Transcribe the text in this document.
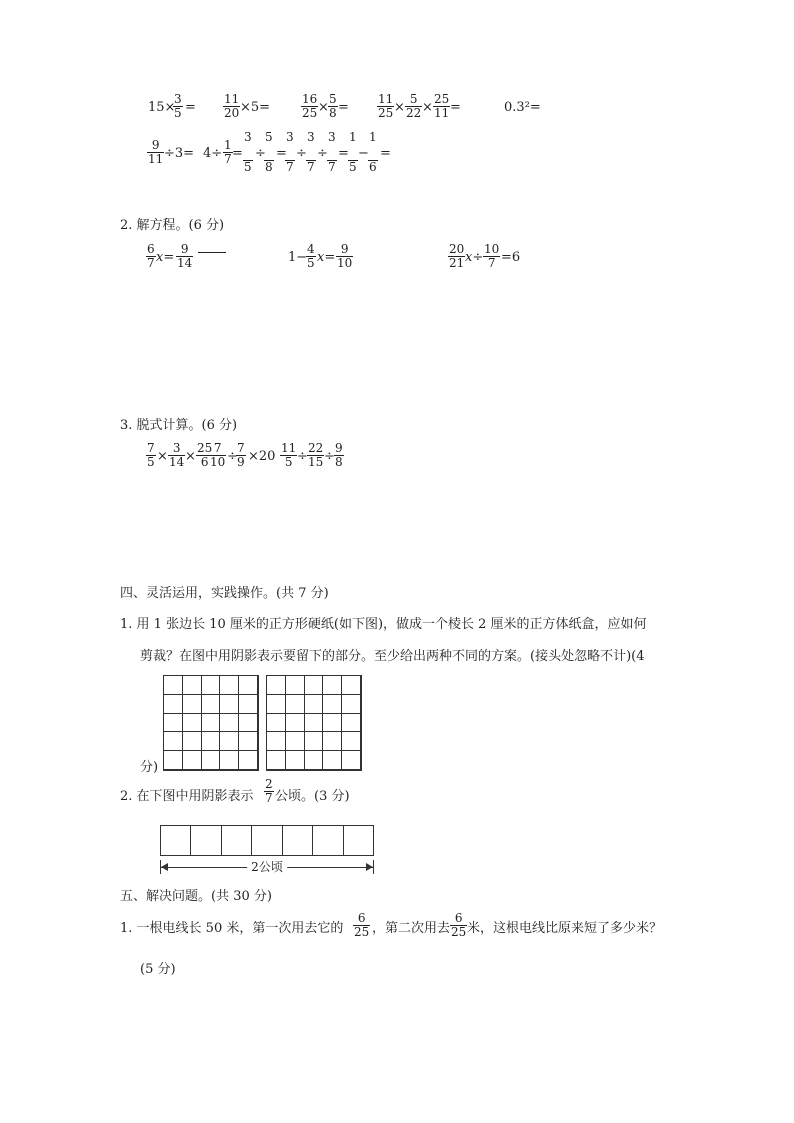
15×
$\frac{3}{5} = \frac{11}{20} \times 5=$	$\frac{16}{25} \times \frac{5}{8} = \frac{11}{25} \times \frac{5}{22} \times \frac{25}{11}$ =	0.3²=
$\frac{9}{11} \div 3= 4\div \frac{1}{7} = \frac{3}{5}$ ÷
$\frac{5}{8}$ =
$\frac{3}{7} \div \frac{3}{7} \div \frac{3}{7} = \frac{1}{5} - \frac{1}{6}$ =
2. 解方程。(6 分)
$\frac{6}{7} x= \frac{9}{14}$	1−
$\frac{4}{5} x= \frac{9}{10}$	$\frac{20}{21} x\div \frac{10}{7} =6$
3. 脱式计算。(6 分)
$\frac{7}{5} \times \frac{3}{14} \times \frac{25}{6}$
$\frac{7}{10}$ ÷
$\frac{7}{9} \times 20 \frac{11}{5} \div \frac{22}{15} \div \frac{9}{8}$
四、灵活运用，实践操作。(共 7 分)
1. 用 1 张边长 10 厘米的正方形硬纸(如下图)，做成一个棱长 2 厘米的正方体纸盒，应如何
剪裁？在图中用阴影表示要留下的部分。至少给出两种不同的方案。(接头处忽略不计)(4
分)
2. 在下图中用阴影表示 $\frac{2}{7}$ 公顷。(3 分)
2公顷
五、解决问题。(共 30 分)
1. 一根电线长 50 米，第一次用去它的 $\frac{6}{25}$ ，第二次用去 $\frac{6}{25}$ 米，这根电线比原来短了多少米？
(5 分)
